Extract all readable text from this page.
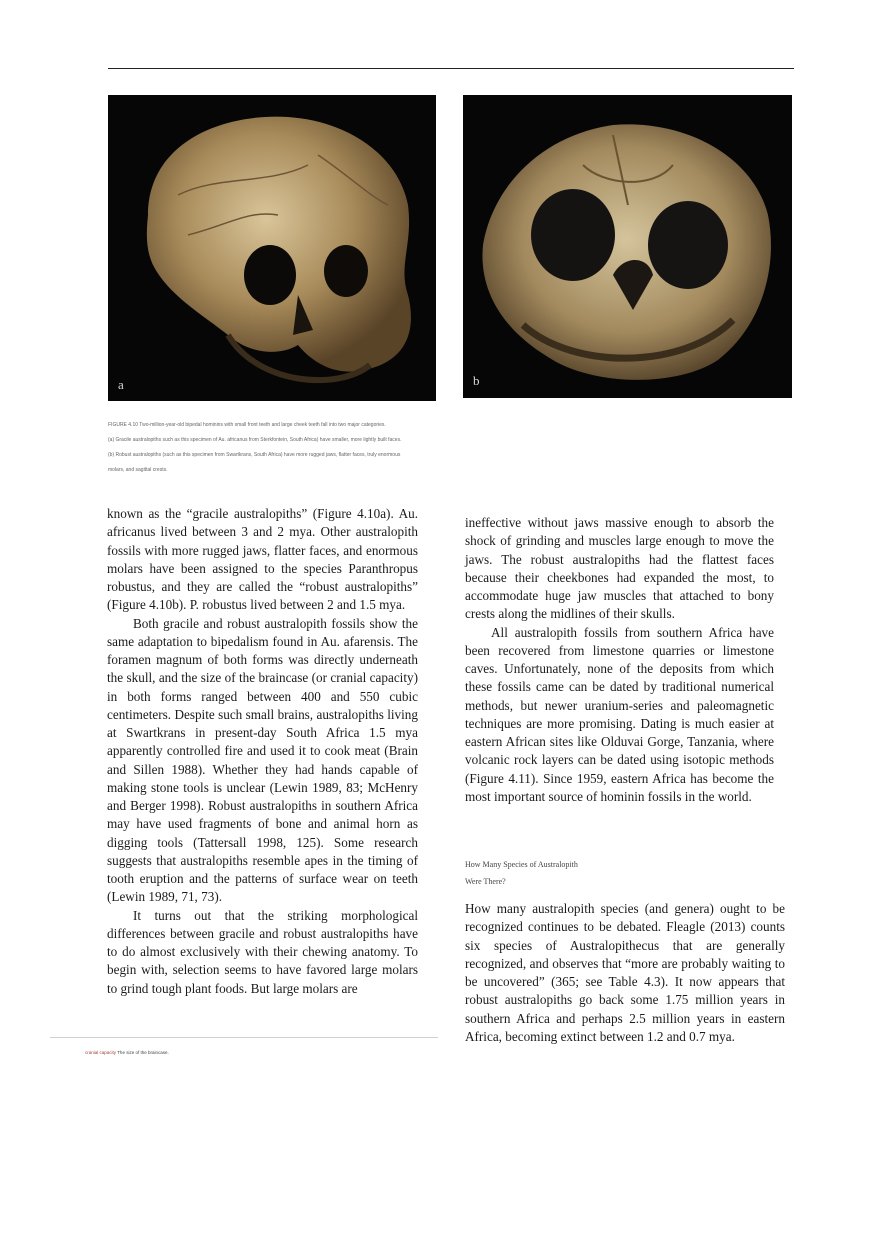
a	b

FIGURE 4.10 Two-million-year-old bipedal hominins with small front teeth and large cheek teeth fall into two major categories.

(a) Gracile australopiths such as this specimen of Au. africanus from Sterkfontein, South Africa) have smaller, more lightly built faces.

(b) Robust australopiths (such as this specimen from Swartkrans, South Africa) have more rugged jaws, flatter faces, truly enormous

molars, and sagittal crests.

known as the “gracile australopiths” (Figure 4.10a). Au. africanus lived between 3 and 2 mya. Other australopith fossils with more rugged jaws, flatter faces, and enormous molars have been assigned to the species Paranthropus robustus, and they are called the “robust australopiths” (Figure 4.10b). P. robustus lived between 2 and 1.5 mya.

Both gracile and robust australopith fossils show the same adaptation to bipedalism found in Au. afarensis. The foramen magnum of both forms was directly underneath the skull, and the size of the braincase (or cranial capacity) in both forms ranged between 400 and 550 cubic centimeters. Despite such small brains, australopiths living at Swartkrans in present-day South Africa 1.5 mya apparently controlled fire and used it to cook meat (Brain and Sillen 1988). Whether they had hands capable of making stone tools is unclear (Lewin 1989, 83; McHenry and Berger 1998). Robust australopiths in southern Africa may have used fragments of bone and animal horn as digging tools (Tattersall 1998, 125). Some research suggests that australopiths resemble apes in the timing of tooth eruption and the patterns of surface wear on teeth (Lewin 1989, 71, 73).

It turns out that the striking morphological differences between gracile and robust australopiths have to do almost exclusively with their chewing anatomy. To begin with, selection seems to have favored large molars to grind tough plant foods. But large molars are

ineffective without jaws massive enough to absorb the shock of grinding and muscles large enough to move the jaws. The robust australopiths had the flattest faces because their cheekbones had expanded the most, to accommodate huge jaw muscles that attached to bony crests along the midlines of their skulls.

All australopith fossils from southern Africa have been recovered from limestone quarries or limestone caves. Unfortunately, none of the deposits from which these fossils came can be dated by traditional numerical methods, but newer uranium-series and paleomagnetic techniques are more promising. Dating is much easier at eastern African sites like Olduvai Gorge, Tanzania, where volcanic rock layers can be dated using isotopic methods (Figure 4.11). Since 1959, eastern Africa has become the most important source of hominin fossils in the world.

How Many Species of Australopith

Were There?

How many australopith species (and genera) ought to be recognized continues to be debated. Fleagle (2013) counts six species of Australopithecus that are generally recognized, and observes that “more are probably waiting to be uncovered” (365; see Table 4.3). It now appears that robust australopiths go back some 1.75 million years in southern Africa and perhaps 2.5 million years in eastern Africa, becoming extinct between 1.2 and 0.7 mya.

cranial capacity The size of the braincase.
